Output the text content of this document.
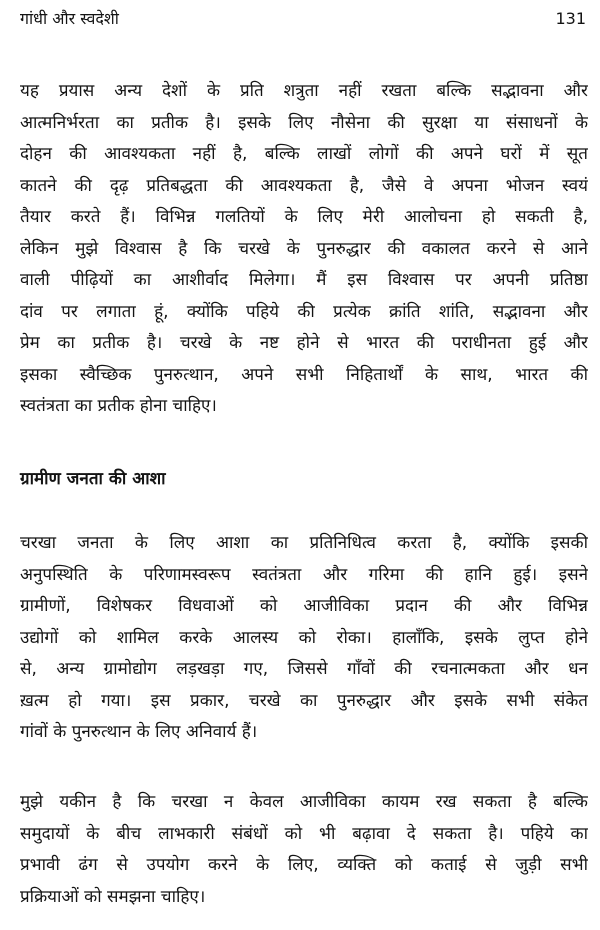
गांधी और स्वदेशी	131
यह प्रयास अन्य देशों के प्रति शत्रुता नहीं रखता बल्कि सद्भावना और
आत्मनिर्भरता का प्रतीक है। इसके लिए नौसेना की सुरक्षा या संसाधनों के
दोहन की आवश्यकता नहीं है, बल्कि लाखों लोगों की अपने घरों में सूत
कातने की दृढ़ प्रतिबद्धता की आवश्यकता है, जैसे वे अपना भोजन स्वयं
तैयार करते हैं। विभिन्न गलतियों के लिए मेरी आलोचना हो सकती है,
लेकिन मुझे विश्वास है कि चरखे के पुनरुद्धार की वकालत करने से आने
वाली पीढ़ियों का आशीर्वाद मिलेगा। मैं इस विश्वास पर अपनी प्रतिष्ठा
दांव पर लगाता हूं, क्योंकि पहिये की प्रत्येक क्रांति शांति, सद्भावना और
प्रेम का प्रतीक है। चरखे के नष्ट होने से भारत की पराधीनता हुई और
इसका स्वैच्छिक पुनरुत्थान, अपने सभी निहितार्थों के साथ, भारत की
स्वतंत्रता का प्रतीक होना चाहिए।
ग्रामीण जनता की आशा
चरखा जनता के लिए आशा का प्रतिनिधित्व करता है, क्योंकि इसकी
अनुपस्थिति के परिणामस्वरूप स्वतंत्रता और गरिमा की हानि हुई। इसने
ग्रामीणों, विशेषकर विधवाओं को आजीविका प्रदान की और विभिन्न
उद्योगों को शामिल करके आलस्य को रोका। हालाँकि, इसके लुप्त होने
से, अन्य ग्रामोद्योग लड़खड़ा गए, जिससे गाँवों की रचनात्मकता और धन
ख़त्म हो गया। इस प्रकार, चरखे का पुनरुद्धार और इसके सभी संकेत
गांवों के पुनरुत्थान के लिए अनिवार्य हैं।
मुझे यकीन है कि चरखा न केवल आजीविका कायम रख सकता है बल्कि
समुदायों के बीच लाभकारी संबंधों को भी बढ़ावा दे सकता है। पहिये का
प्रभावी ढंग से उपयोग करने के लिए, व्यक्ति को कताई से जुड़ी सभी
प्रक्रियाओं को समझना चाहिए।
